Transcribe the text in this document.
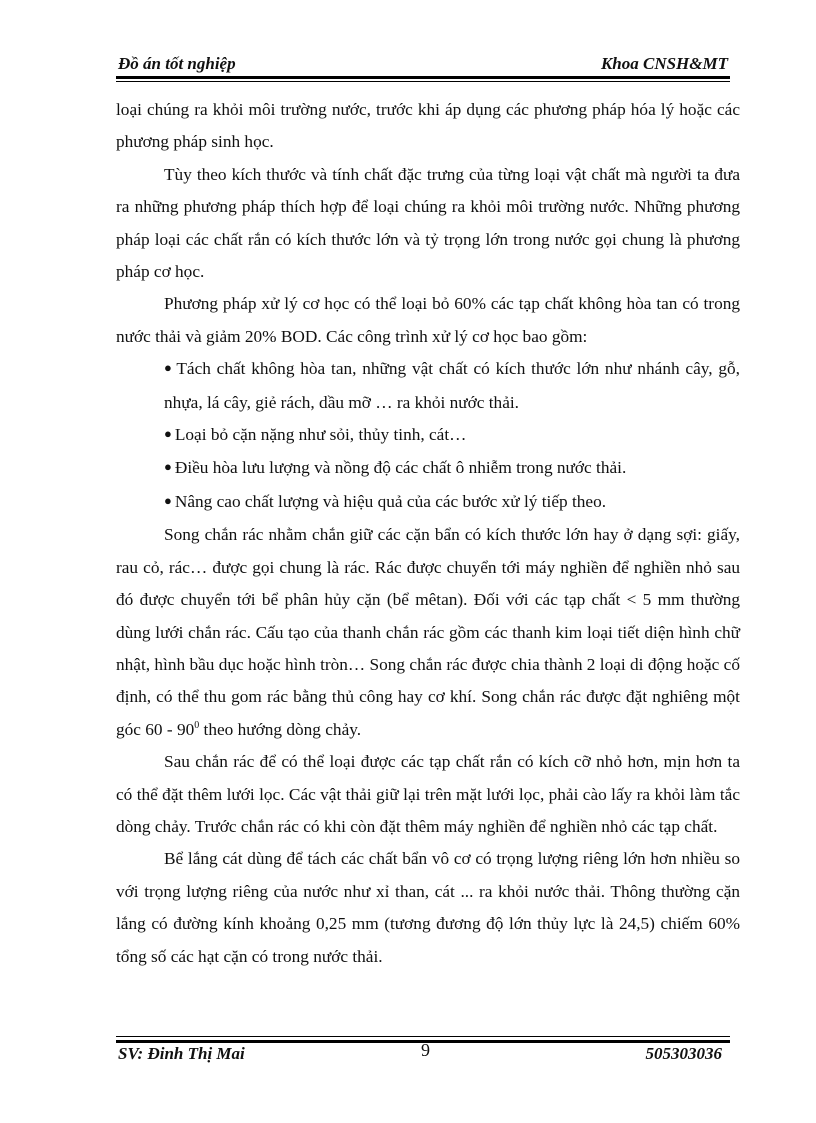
Đồ án tốt nghiệp	Khoa CNSH&MT

loại chúng ra khỏi môi trường nước, trước khi áp dụng các phương pháp hóa lý hoặc các phương pháp sinh học.

Tùy theo kích thước và tính chất đặc trưng của từng loại vật chất mà người ta đưa ra những phương pháp thích hợp để loại chúng ra khỏi môi trường nước. Những phương pháp loại các chất rắn có kích thước lớn và tỷ trọng lớn trong nước gọi chung là phương pháp cơ học.

Phương pháp xử lý cơ học có thể loại bỏ 60% các tạp chất không hòa tan có trong nước thải và giảm 20% BOD. Các công trình xử lý cơ học bao gồm:

● Tách chất không hòa tan, những vật chất có kích thước lớn như nhánh cây, gỗ, nhựa, lá cây, giẻ rách, dầu mỡ … ra khỏi nước thải.

● Loại bỏ cặn nặng như sỏi, thủy tinh, cát…

● Điều hòa lưu lượng và nồng độ các chất ô nhiễm trong nước thải.

● Nâng cao chất lượng và hiệu quả của các bước xử lý tiếp theo.

Song chắn rác nhằm chắn giữ các cặn bẩn có kích thước lớn hay ở dạng sợi: giấy, rau cỏ, rác… được gọi chung là rác. Rác được chuyển tới máy nghiền để nghiền nhỏ sau đó được chuyển tới bể phân hủy cặn (bể mêtan). Đối với các tạp chất < 5 mm thường dùng lưới chắn rác. Cấu tạo của thanh chắn rác gồm các thanh kim loại tiết diện hình chữ nhật, hình bầu dục hoặc hình tròn… Song chắn rác được chia thành 2 loại di động hoặc cố định, có thể thu gom rác bằng thủ công hay cơ khí. Song chắn rác được đặt nghiêng một góc $60 - 90^0$ theo hướng dòng chảy.

Sau chắn rác để có thể loại được các tạp chất rắn có kích cỡ nhỏ hơn, mịn hơn ta có thể đặt thêm lưới lọc. Các vật thải giữ lại trên mặt lưới lọc, phải cào lấy ra khỏi làm tắc dòng chảy. Trước chắn rác có khi còn đặt thêm máy nghiền để nghiền nhỏ các tạp chất.

Bể lắng cát dùng để tách các chất bẩn vô cơ có trọng lượng riêng lớn hơn nhiều so với trọng lượng riêng của nước như xỉ than, cát ... ra khỏi nước thải. Thông thường cặn lắng có đường kính khoảng 0,25 mm (tương đương độ lớn thủy lực là 24,5) chiếm 60% tổng số các hạt cặn có trong nước thải.

SV: Đinh Thị Mai	9	505303036
